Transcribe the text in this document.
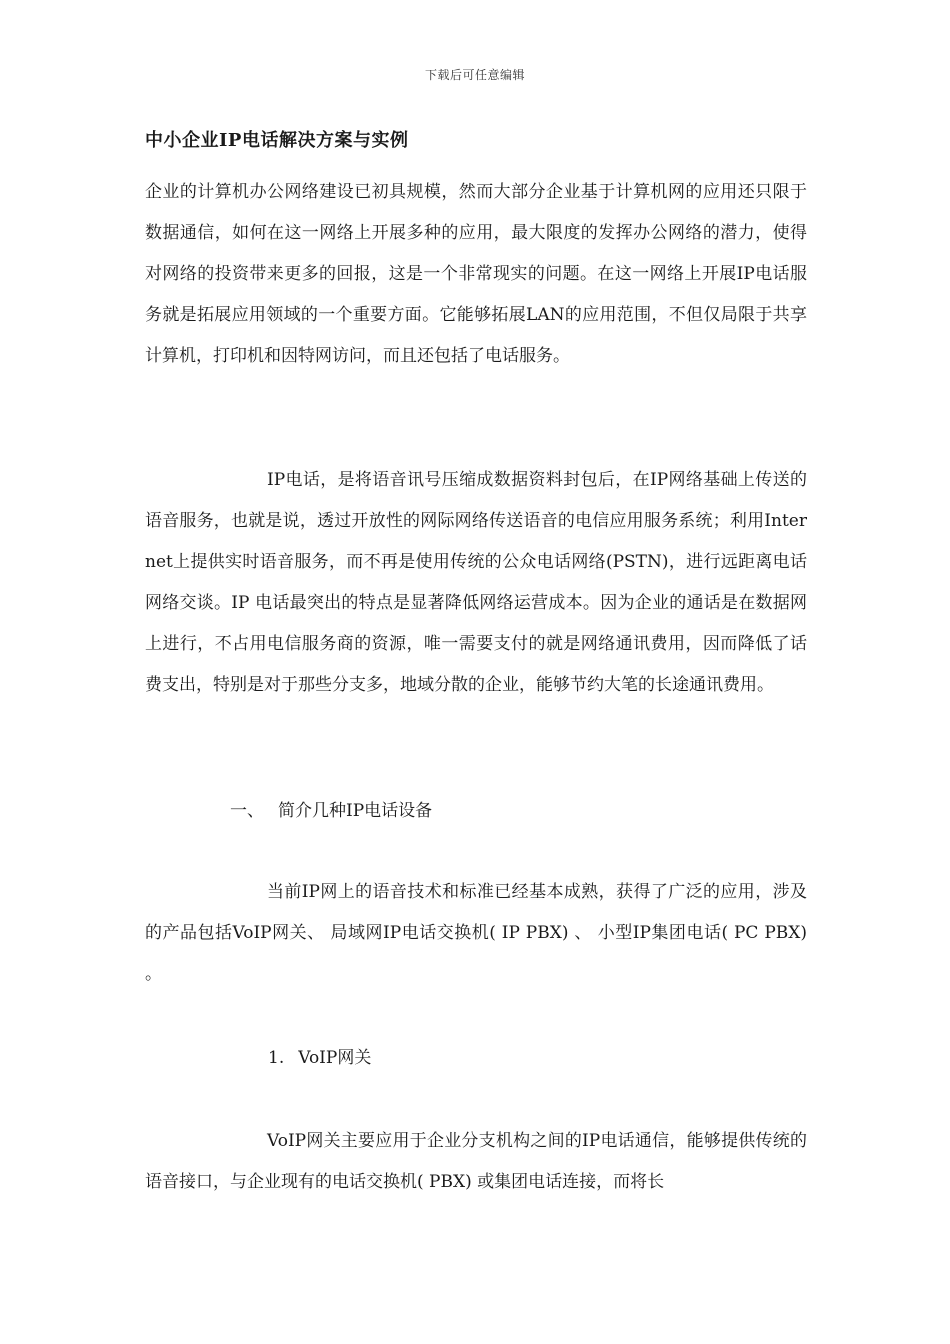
下载后可任意编辑
中小企业IP电话解决方案与实例

企业的计算机办公网络建设已初具规模，然而大部分企业基于计算机网的应用还只限于数据通信，如何在这一网络上开展多种的应用，最大限度的发挥办公网络的潜力，使得对网络的投资带来更多的回报，这是一个非常现实的问题。在这一网络上开展IP电话服务就是拓展应用领域的一个重要方面。它能够拓展LAN的应用范围，不但仅局限于共享计算机，打印机和因特网访问，而且还包括了电话服务。

IP电话，是将语音讯号压缩成数据资料封包后，在IP网络基础上传送的语音服务，也就是说，透过开放性的网际网络传送语音的电信应用服务系统；利用Internet上提供实时语音服务，而不再是使用传统的公众电话网络(PSTN)，进行远距离电话网络交谈。IP 电话最突出的特点是显著降低网络运营成本。因为企业的通话是在数据网上进行，不占用电信服务商的资源，唯一需要支付的就是网络通讯费用，因而降低了话费支出，特别是对于那些分支多，地域分散的企业，能够节约大笔的长途通讯费用。

一、 简介几种IP电话设备

当前IP网上的语音技术和标准已经基本成熟，获得了广泛的应用，涉及的产品包括VoIP网关、 局域网IP电话交换机( IP PBX) 、 小型IP集团电话( PC PBX) 。

1. VoIP网关

VoIP网关主要应用于企业分支机构之间的IP电话通信，能够提供传统的语音接口，与企业现有的电话交换机( PBX) 或集团电话连接，而将长
